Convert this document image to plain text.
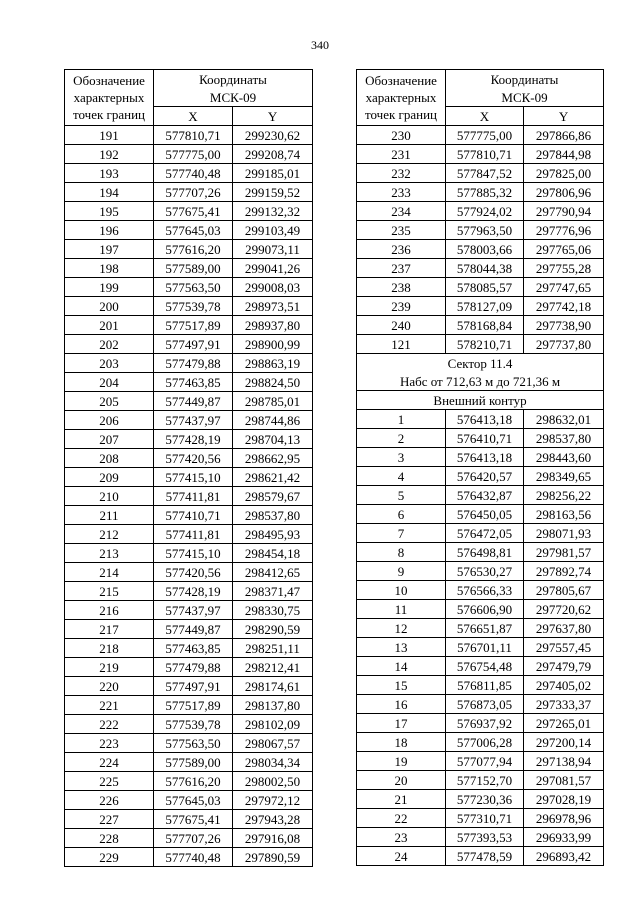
340
Обозначение
характерных
точек границ	Координаты	
	МСК-09	
	X	Y
191	577810,71	299230,62
192	577775,00	299208,74
193	577740,48	299185,01
194	577707,26	299159,52
195	577675,41	299132,32
196	577645,03	299103,49
197	577616,20	299073,11
198	577589,00	299041,26
199	577563,50	299008,03
200	577539,78	298973,51
201	577517,89	298937,80
202	577497,91	298900,99
203	577479,88	298863,19
204	577463,85	298824,50
205	577449,87	298785,01
206	577437,97	298744,86
207	577428,19	298704,13
208	577420,56	298662,95
209	577415,10	298621,42
210	577411,81	298579,67
211	577410,71	298537,80
212	577411,81	298495,93
213	577415,10	298454,18
214	577420,56	298412,65
215	577428,19	298371,47
216	577437,97	298330,75
217	577449,87	298290,59
218	577463,85	298251,11
219	577479,88	298212,41
220	577497,91	298174,61
221	577517,89	298137,80
222	577539,78	298102,09
223	577563,50	298067,57
224	577589,00	298034,34
225	577616,20	298002,50
226	577645,03	297972,12
227	577675,41	297943,28
228	577707,26	297916,08
229	577740,48	297890,59
Обозначение
характерных
точек границ	Координаты	
	МСК-09	
	X	Y
230	577775,00	297866,86
231	577810,71	297844,98
232	577847,52	297825,00
233	577885,32	297806,96
234	577924,02	297790,94
235	577963,50	297776,96
236	578003,66	297765,06
237	578044,38	297755,28
238	578085,57	297747,65
239	578127,09	297742,18
240	578168,84	297738,90
121	578210,71	297737,80
Сектор 11.4		
Набс от 712,63 м до 721,36 м		
Внешний контур		
1	576413,18	298632,01
2	576410,71	298537,80
3	576413,18	298443,60
4	576420,57	298349,65
5	576432,87	298256,22
6	576450,05	298163,56
7	576472,05	298071,93
8	576498,81	297981,57
9	576530,27	297892,74
10	576566,33	297805,67
11	576606,90	297720,62
12	576651,87	297637,80
13	576701,11	297557,45
14	576754,48	297479,79
15	576811,85	297405,02
16	576873,05	297333,37
17	576937,92	297265,01
18	577006,28	297200,14
19	577077,94	297138,94
20	577152,70	297081,57
21	577230,36	297028,19
22	577310,71	296978,96
23	577393,53	296933,99
24	577478,59	296893,42
